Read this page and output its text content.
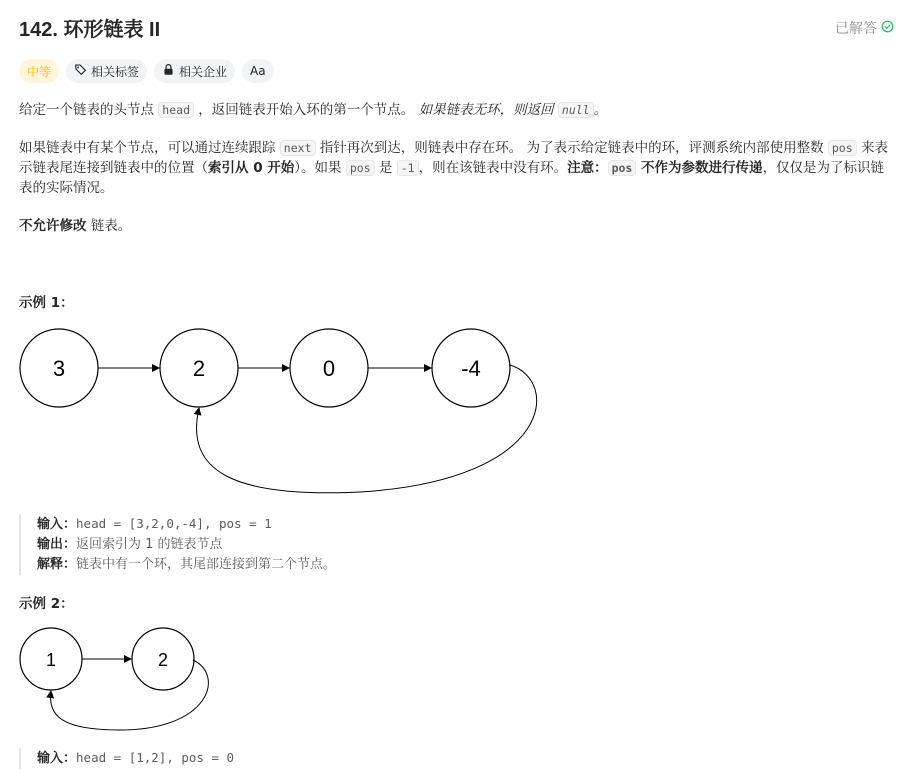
142. 环形链表 II	已解答
中等	相关标签	相关企业 Aa
给定一个链表的头节点 head ，返回链表开始入环的第一个节点。 如果链表无环，则返回 null 。
如果链表中有某个节点，可以通过连续跟踪 next 指针再次到达，则链表中存在环。 为了表示给定链表中的环，评测系统内部使用整数 pos 来表示链表尾连接到链表中的位置（索引从 0 开始）。如果 pos 是 -1 ，则在该链表中没有环。注意： pos 不作为参数进行传递，仅仅是为了标识链表的实际情况。
不允许修改 链表。
示例 1：
3	2	0	-4
输入：head = [3,2,0,-4], pos = 1
输出：返回索引为 1 的链表节点
解释：链表中有一个环，其尾部连接到第二个节点。
示例 2：
1	2
输入：head = [1,2], pos = 0
